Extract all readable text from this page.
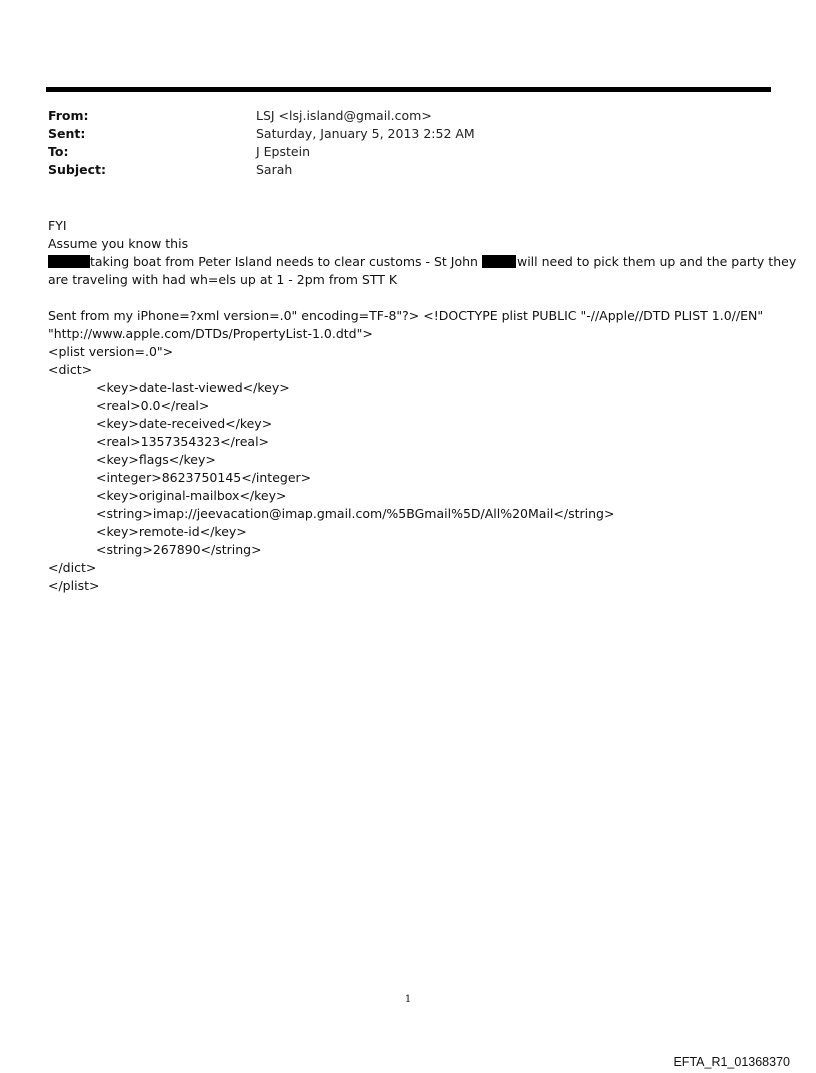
From:	LSJ <lsj.island@gmail.com>
Sent:	Saturday, January 5, 2013 2:52 AM
To:	J Epstein
Subject:	Sarah
FYI
Assume you know this
taking boat from Peter Island needs to clear customs - St John	will need to pick them up and the party they
are traveling with had wh=els up at 1 - 2pm from STT K
Sent from my iPhone=?xml version=.0" encoding=TF-8"?> <!DOCTYPE plist PUBLIC "-//Apple//DTD PLIST 1.0//EN"
"http://www.apple.com/DTDs/PropertyList-1.0.dtd">
<plist version=.0">
<dict>
<key>date-last-viewed</key>
<real>0.0</real>
<key>date-received</key>
<real>1357354323</real>
<key>flags</key>
<integer>8623750145</integer>
<key>original-mailbox</key>
<string>imap://jeevacation@imap.gmail.com/%5BGmail%5D/All%20Mail</string>
<key>remote-id</key>
<string>267890</string>
</dict>
</plist>
1
EFTA_R1_01368370
